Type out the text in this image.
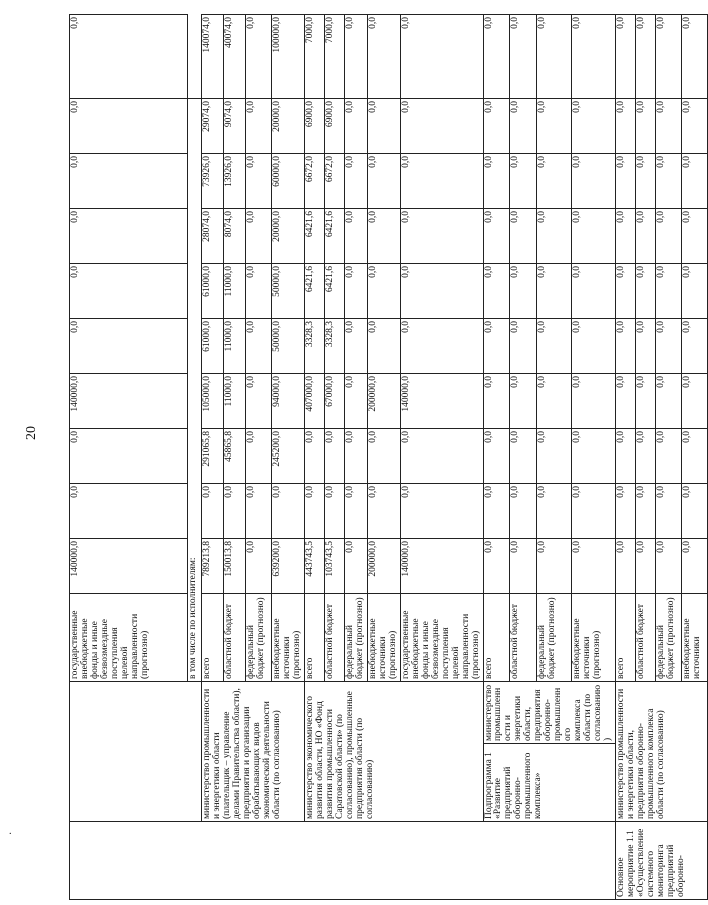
20
.
			государственные внебюджетные фонды и иные безвозмездные поступления целевой направленности (прогнозно)	140000,0	0,0	0,0	140000,0	0,0	0,0	0,0	0,0	0,0	0,0
			в том числе по исполнителям:										
	министерство промышленности и энергетики области (плательщик – управление делами Правительства области), предприятия и организации обрабатывающих видов экономической деятельности области (по согласованию)		всего	789213,8	0,0	291065,8	105000,0	61000,0	61000,0	28074,0	73926,0	29074,0	140074,0
			областной бюджет	150013,8	0,0	45865,8	11000,0	11000,0	11000,0	8074,0	13926,0	9074,0	40074,0
			федеральный бюджет (прогнозно)	0,0	0,0	0,0	0,0	0,0	0,0	0,0	0,0	0,0	0,0
			внебюджетные источники (прогнозно)	639200,0	0,0	245200,0	94000,0	50000,0	50000,0	20000,0	60000,0	20000,0	100000,0
	министерство экономического развития области, НО «Фонд развития промышленности Саратовской области» (по согласованию), промышленные предприятия области (по согласованию)		всего	443743,5	0,0	0,0	407000,0	3328,3	6421,6	6421,6	6672,0	6900,0	7000,0
			областной бюджет	103743,5	0,0	0,0	67000,0	3328,3	6421,6	6421,6	6672,0	6900,0	7000,0
			федеральный бюджет (прогнозно)	0,0	0,0	0,0	0,0	0,0	0,0	0,0	0,0	0,0	0,0
			внебюджетные источники (прогнозно)	200000,0	0,0	0,0	200000,0	0,0	0,0	0,0	0,0	0,0	0,0
			государственные внебюджетные фонды и иные безвозмездные поступления целевой направленности (прогнозно)	140000,0	0,0	0,0	140000,0	0,0	0,0	0,0	0,0	0,0	0,0
	Подпрограмма 1 «Развитие предприятий оборонно-промышленного комплекса»	министерство промышленности и энергетики области, предприятия оборонно-промышленного комплекса области (по согласованию)	всего	0,0	0,0	0,0	0,0	0,0	0,0	0,0	0,0	0,0	0,0
			областной бюджет	0,0	0,0	0,0	0,0	0,0	0,0	0,0	0,0	0,0	0,0
			федеральный бюджет (прогнозно)	0,0	0,0	0,0	0,0	0,0	0,0	0,0	0,0	0,0	0,0
			внебюджетные источники (прогнозно)	0,0	0,0	0,0	0,0	0,0	0,0	0,0	0,0	0,0	0,0
Основное мероприятие 1.1 «Осуществление системного мониторинга предприятий оборонно-	министерство промышленности и энергетики области, предприятия оборонно-промышленного комплекса области (по согласованию)		всего	0,0	0,0	0,0	0,0	0,0	0,0	0,0	0,0	0,0	0,0
			областной бюджет	0,0	0,0	0,0	0,0	0,0	0,0	0,0	0,0	0,0	0,0
			федеральный бюджет (прогнозно)	0,0	0,0	0,0	0,0	0,0	0,0	0,0	0,0	0,0	0,0
			внебюджетные источники	0,0	0,0	0,0	0,0	0,0	0,0	0,0	0,0	0,0	0,0
